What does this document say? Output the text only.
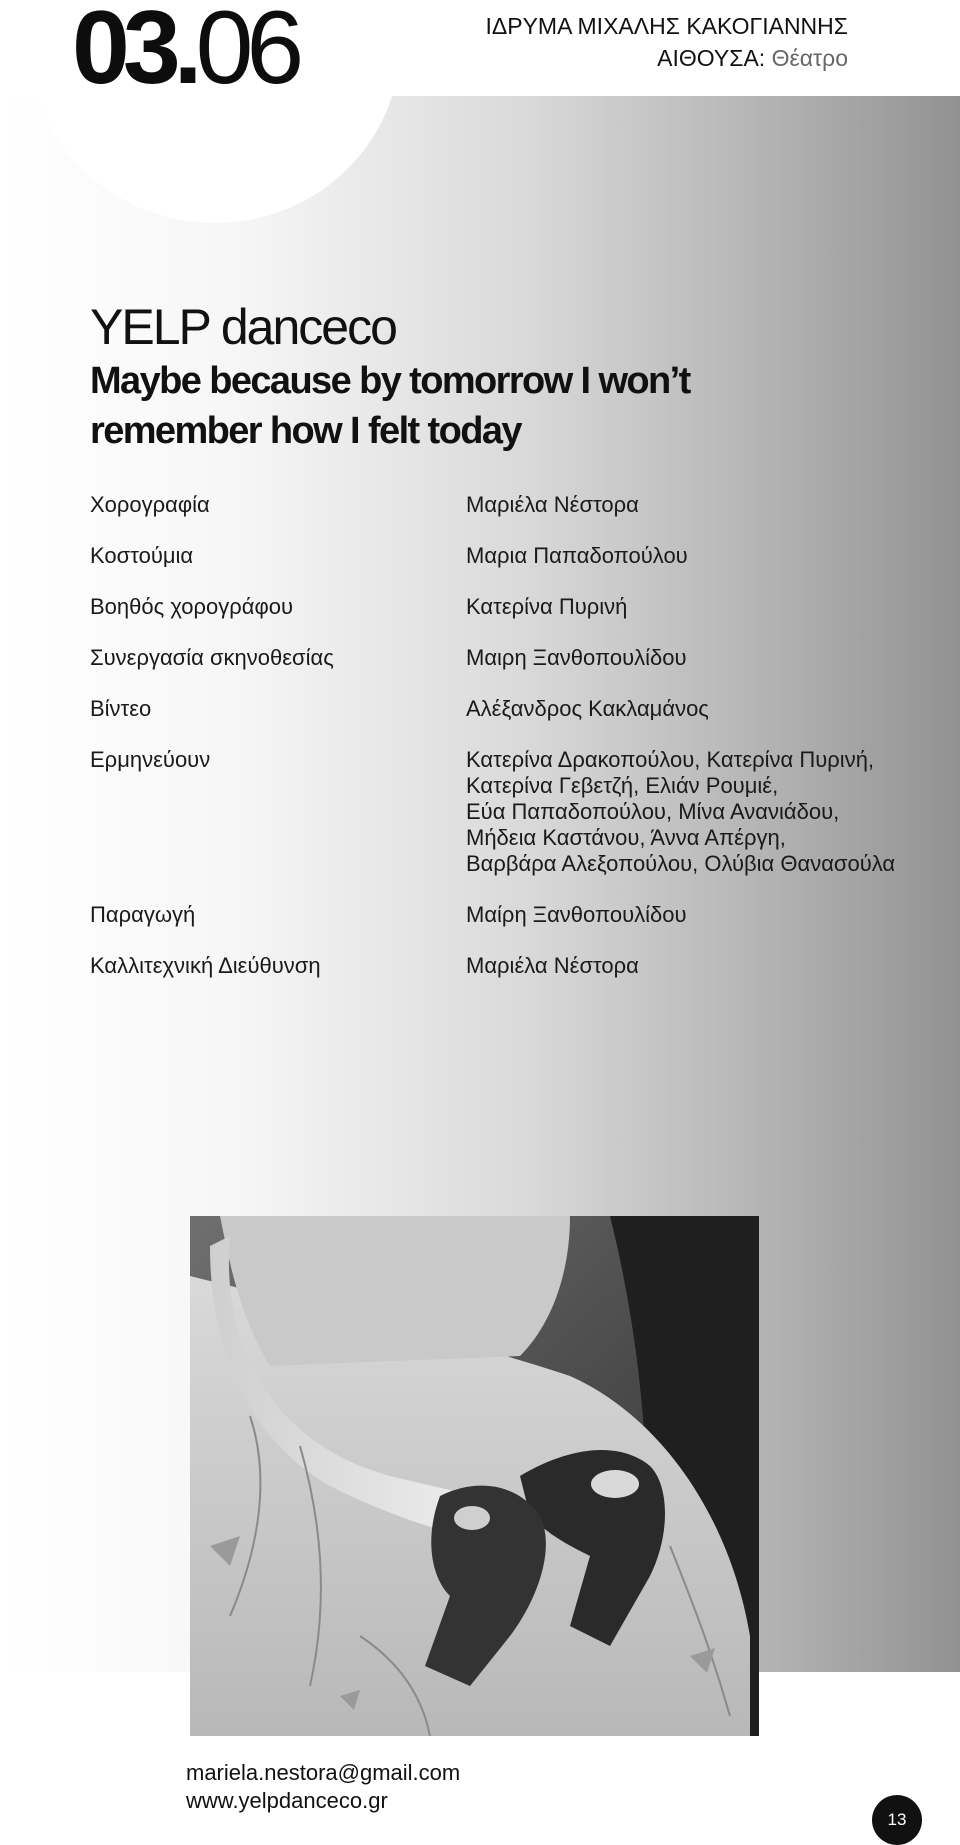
03.06	ΙΔΡΥΜΑ ΜΙΧΑΛΗΣ ΚΑΚΟΓΙΑΝΝΗΣ
ΑΙΘΟΥΣΑ: Θέατρο
YELP danceco
Maybe because by tomorrow I won’t remember how I felt today
Χορογραφία	Μαριέλα Νέστορα
Κοστούμια	Μαρια Παπαδοπούλου
Βοηθός χορογράφου	Κατερίνα Πυρινή
Συνεργασία σκηνοθεσίας	Μαιρη Ξανθοπουλίδου
Βίντεο	Αλέξανδρος Κακλαμάνος
Ερμηνεύουν	Κατερίνα Δρακοπούλου, Κατερίνα Πυρινή,
Κατερίνα Γεβετζή, Ελιάν Ρουμιέ,
Εύα Παπαδοπούλου, Μίνα Ανανιάδου,
Μήδεια Καστάνου, Άννα Απέργη,
Βαρβάρα Αλεξοπούλου, Ολύβια Θανασούλα

Παραγωγή	Μαίρη Ξανθοπουλίδου
Καλλιτεχνική Διεύθυνση	Μαριέλα Νέστορα
mariela.nestora@gmail.com
www.yelpdanceco.gr
13
